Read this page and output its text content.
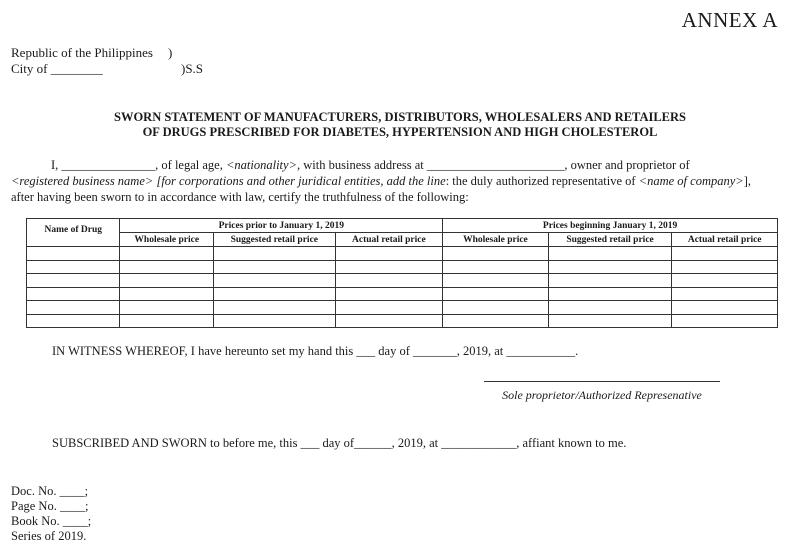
ANNEX A
Republic of the Philippines )
City of ________	)S.S
SWORN STATEMENT OF MANUFACTURERS, DISTRIBUTORS, WHOLESALERS AND RETAILERS
OF DRUGS PRESCRIBED FOR DIABETES, HYPERTENSION AND HIGH CHOLESTEROL
I, _______________, of legal age, <nationality>, with business address at ______________________, owner and proprietor of
<registered business name> [for corporations and other juridical entities, add the line: the duly authorized representative of <name of company>],
after having been sworn to in accordance with law, certify the truthfulness of the following:
Name of Drug	Prices prior to January 1, 2019			Prices beginning January 1, 2019		
	Wholesale price	Suggested retail price	Actual retail price	Wholesale price	Suggested retail price	Actual retail price

IN WITNESS WHEREOF, I have hereunto set my hand this ___ day of _______, 2019, at ___________.
Sole proprietor/Authorized Represenative
SUBSCRIBED AND SWORN to before me, this ___ day of______, 2019, at ____________, affiant known to me.
Doc. No. ____;
Page No. ____;
Book No. ____;
Series of 2019.
